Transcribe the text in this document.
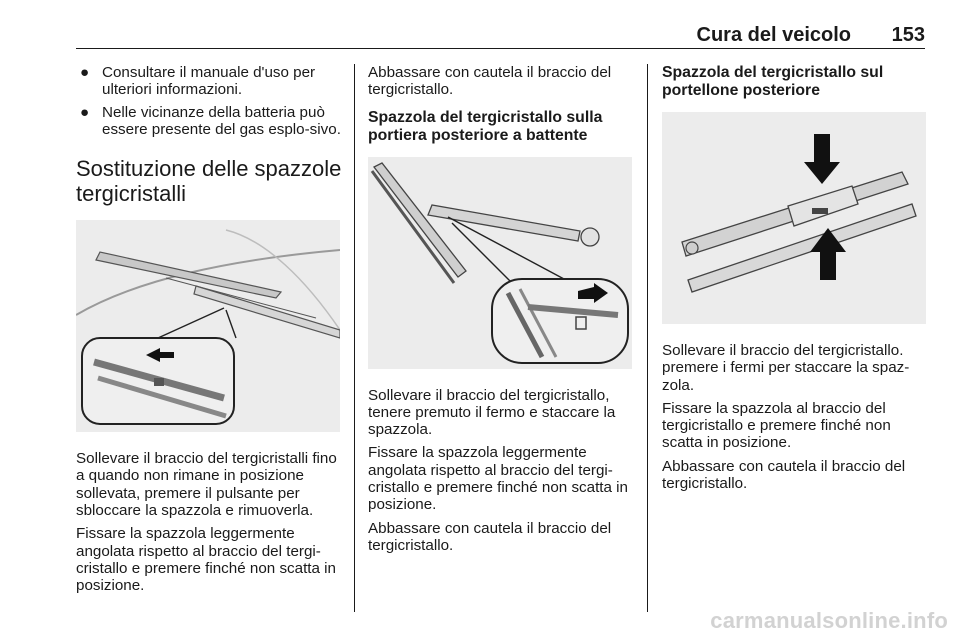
Cura del veicolo 153
● Consultare il manuale d'uso per ulteriori informazioni.
● Nelle vicinanze della batteria può essere presente del gas esplo-sivo.
Sostituzione delle spazzole tergicristalli

Sollevare il braccio del tergicristalli fino a quando non rimane in posizione sollevata, premere il pulsante per sbloccare la spazzola e rimuoverla.

Fissare la spazzola leggermente angolata rispetto al braccio del tergi-cristallo e premere finché non scatta in posizione.

Abbassare con cautela il braccio del tergicristallo.

Spazzola del tergicristallo sulla portiera posteriore a battente

Sollevare il braccio del tergicristallo, tenere premuto il fermo e staccare la spazzola.

Fissare la spazzola leggermente angolata rispetto al braccio del tergi-cristallo e premere finché non scatta in posizione.

Abbassare con cautela il braccio del tergicristallo.

Spazzola del tergicristallo sul portellone posteriore

Sollevare il braccio del tergicristallo. premere i fermi per staccare la spaz-zola.

Fissare la spazzola al braccio del tergicristallo e premere finché non scatta in posizione.

Abbassare con cautela il braccio del tergicristallo.

carmanualsonline.info
